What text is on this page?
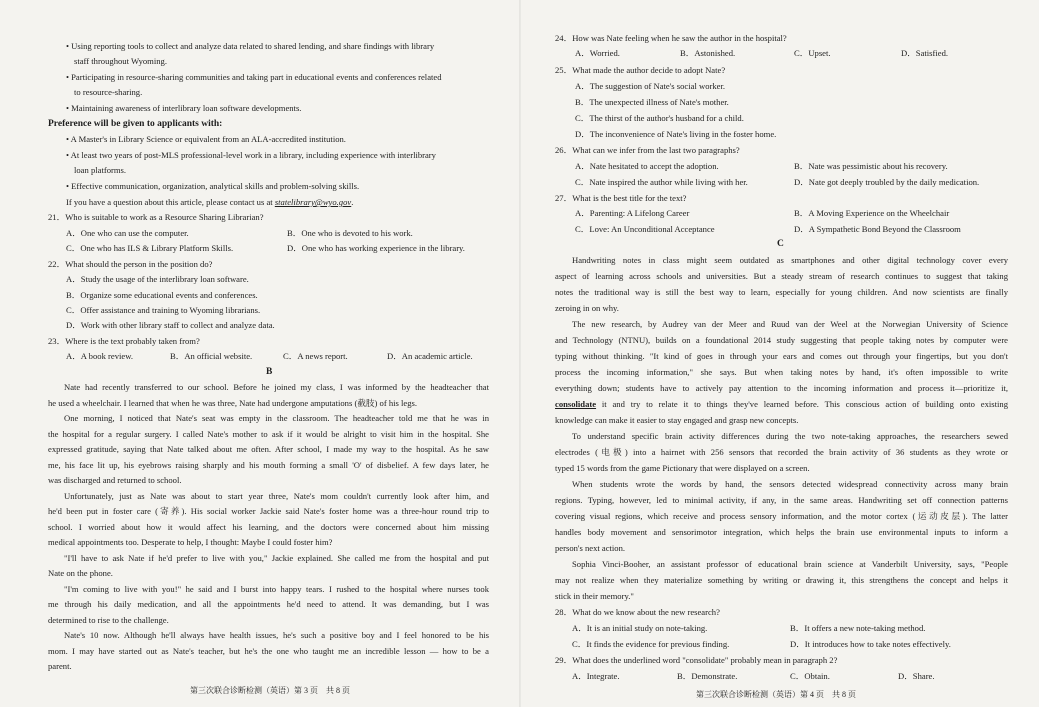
• Using reporting tools to collect and analyze data related to shared lending, and share findings with library
staff throughout Wyoming.
• Participating in resource-sharing communities and taking part in educational events and conferences related
to resource-sharing.
• Maintaining awareness of interlibrary loan software developments.
Preference will be given to applicants with:
• A Master's in Library Science or equivalent from an ALA-accredited institution.
• At least two years of post-MLS professional-level work in a library, including experience with interlibrary
loan platforms.
• Effective communication, organization, analytical skills and problem-solving skills.
If you have a question about this article, please contact us at statelibrary@wyo.gov.
21．Who is suitable to work as a Resource Sharing Librarian?
A．One who can use the computer.	B．One who is devoted to his work.
C．One who has ILS & Library Platform Skills.	D．One who has working experience in the library.
22．What should the person in the position do?
A．Study the usage of the interlibrary loan software.
B．Organize some educational events and conferences.
C．Offer assistance and training to Wyoming librarians.
D．Work with other library staff to collect and analyze data.
23．Where is the text probably taken from?
A．A book review.	B．An official website.	C．A news report.	D．An academic article.
B
Nate had recently transferred to our school. Before he joined my class, I was informed by the headteacher that
he used a wheelchair. I learned that when he was three, Nate had undergone amputations (截肢) of his legs.
One morning, I noticed that Nate's seat was empty in the classroom. The headteacher told me that he was in
the hospital for a regular surgery. I called Nate's mother to ask if it would be alright to visit him in the hospital. She
expressed gratitude, saying that Nate talked about me often. After school, I made my way to the hospital. As he saw
me, his face lit up, his eyebrows raising sharply and his mouth forming a small 'O' of disbelief. A few days later, he
was discharged and returned to school.
Unfortunately, just as Nate was about to start year three, Nate's mom couldn't currently look after him, and
he'd been put in foster care (寄养). His social worker Jackie said Nate's foster home was a three-hour round trip to
school. I worried about how it would affect his learning, and the doctors were concerned about him missing
medical appointments too. Desperate to help, I thought: Maybe I could foster him?
"I'll have to ask Nate if he'd prefer to live with you," Jackie explained. She called me from the hospital and put
Nate on the phone.
"I'm coming to live with you!" he said and I burst into happy tears. I rushed to the hospital where nurses took
me through his daily medication, and all the appointments he'd need to attend. It was demanding, but I was
determined to rise to the challenge.
Nate's 10 now. Although he'll always have health issues, he's such a positive boy and I feel honored to be his
mom. I may have started out as Nate's teacher, but he's the one who taught me an incredible lesson — how to be a
parent.
第三次联合诊断检测（英语）第 3 页　共 8 页
24．How was Nate feeling when he saw the author in the hospital?
A．Worried.	B．Astonished.	C．Upset.	D．Satisfied.
25．What made the author decide to adopt Nate?
A．The suggestion of Nate's social worker.
B．The unexpected illness of Nate's mother.
C．The thirst of the author's husband for a child.
D．The inconvenience of Nate's living in the foster home.
26．What can we infer from the last two paragraphs?
A．Nate hesitated to accept the adoption.	B．Nate was pessimistic about his recovery.
C．Nate inspired the author while living with her.	D．Nate got deeply troubled by the daily medication.
27．What is the best title for the text?
A．Parenting: A Lifelong Career	B．A Moving Experience on the Wheelchair
C．Love: An Unconditional Acceptance	D．A Sympathetic Bond Beyond the Classroom
C
Handwriting notes in class might seem outdated as smartphones and other digital technology cover every
aspect of learning across schools and universities. But a steady stream of research continues to suggest that taking
notes the traditional way is still the best way to learn, especially for young children. And now scientists are finally
zeroing in on why.
The new research, by Audrey van der Meer and Ruud van der Weel at the Norwegian University of Science
and Technology (NTNU), builds on a foundational 2014 study suggesting that people taking notes by computer were
typing without thinking. "It kind of goes in through your ears and comes out through your fingertips, but you don't
process the incoming information," she says. But when taking notes by hand, it's often impossible to write
everything down; students have to actively pay attention to the incoming information and process it—prioritize it,
consolidate it and try to relate it to things they've learned before. This conscious action of building onto existing
knowledge can make it easier to stay engaged and grasp new concepts.
To understand specific brain activity differences during the two note-taking approaches, the researchers sewed
electrodes (电极) into a hairnet with 256 sensors that recorded the brain activity of 36 students as they wrote or
typed 15 words from the game Pictionary that were displayed on a screen.
When students wrote the words by hand, the sensors detected widespread connectivity across many brain
regions. Typing, however, led to minimal activity, if any, in the same areas. Handwriting set off connection patterns
covering visual regions, which receive and process sensory information, and the motor cortex (运动皮层). The latter
handles body movement and sensorimotor integration, which helps the brain use environmental inputs to inform a
person's next action.
Sophia Vinci-Booher, an assistant professor of educational brain science at Vanderbilt University, says, "People
may not realize when they materialize something by writing or drawing it, this strengthens the concept and helps it
stick in their memory."
28．What do we know about the new research?
A．It is an initial study on note-taking.	B．It offers a new note-taking method.
C．It finds the evidence for previous finding.	D．It introduces how to take notes effectively.
29．What does the underlined word "consolidate" probably mean in paragraph 2?
A．Integrate.	B．Demonstrate.	C．Obtain.	D．Share.
第三次联合诊断检测（英语）第 4 页　共 8 页
